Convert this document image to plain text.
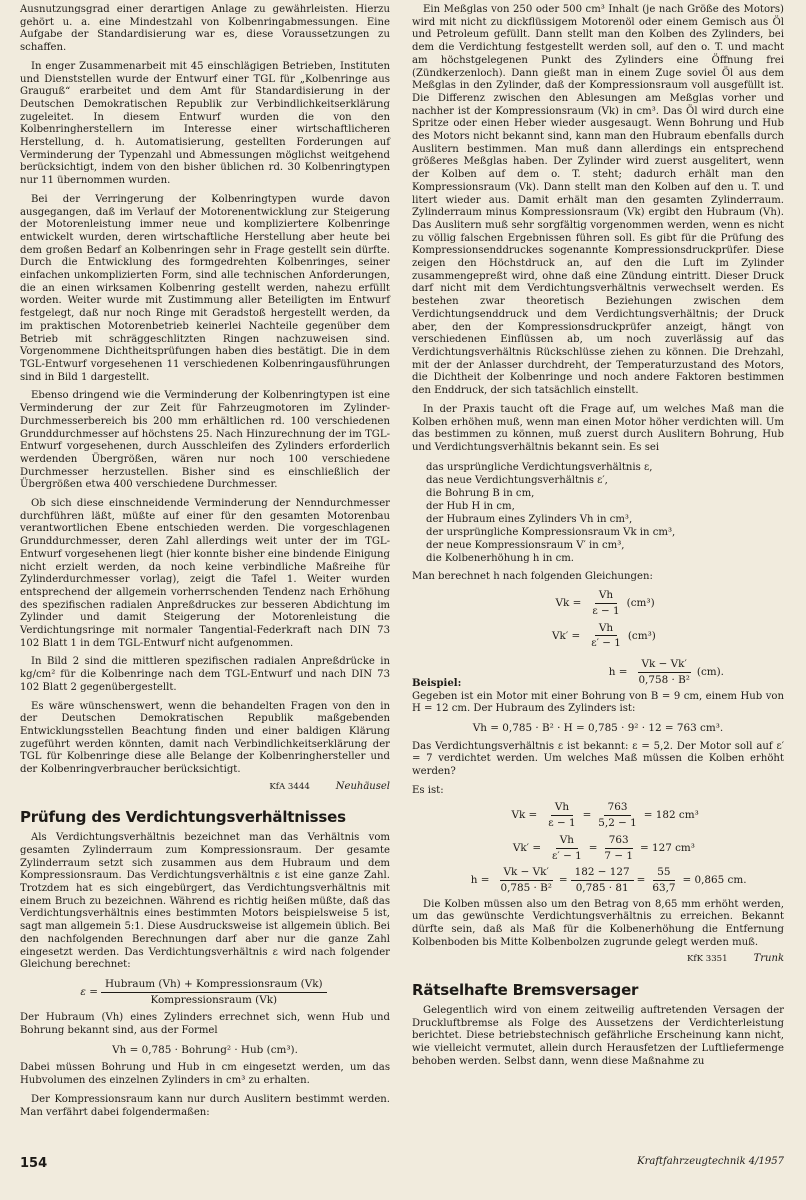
Ausnutzungsgrad einer derartigen Anlage zu gewährleisten. Hierzu gehört u. a. eine Mindestzahl von Kolbenringabmessungen. Eine Aufgabe der Standardisierung war es, diese Voraussetzungen zu schaffen.

In enger Zusammenarbeit mit 45 einschlägigen Betrieben, Instituten und Dienststellen wurde der Entwurf einer TGL für „Kolbenringe aus Grauguß“ erarbeitet und dem Amt für Standardisierung in der Deutschen Demokratischen Republik zur Verbindlichkeitserklärung zugeleitet. In diesem Entwurf wurden die von den Kolbenringherstellern im Interesse einer wirtschaftlicheren Herstellung, d. h. Automatisierung, gestellten Forderungen auf Verminderung der Typenzahl und Abmessungen möglichst weitgehend berücksichtigt, indem von den bisher üblichen rd. 30 Kolbenringtypen nur 11 übernommen wurden.

Bei der Verringerung der Kolbenringtypen wurde davon ausgegangen, daß im Verlauf der Motorenentwicklung zur Steigerung der Motorenleistung immer neue und kompliziertere Kolbenringe entwickelt wurden, deren wirtschaftliche Herstellung aber heute bei dem großen Bedarf an Kolbenringen sehr in Frage gestellt sein dürfte. Durch die Entwicklung des formgedrehten Kolbenringes, seiner einfachen unkomplizierten Form, sind alle technischen Anforderungen, die an einen wirksamen Kolbenring gestellt werden, nahezu erfüllt worden. Weiter wurde mit Zustimmung aller Beteiligten im Entwurf festgelegt, daß nur noch Ringe mit Geradstoß hergestellt werden, da im praktischen Motorenbetrieb keinerlei Nachteile gegenüber dem Betrieb mit schräggeschlitzten Ringen nachzuweisen sind. Vorgenommene Dichtheitsprüfungen haben dies bestätigt. Die in dem TGL-Entwurf vorgesehenen 11 verschiedenen Kolbenringausführungen sind in Bild 1 dargestellt.

Ebenso dringend wie die Verminderung der Kolbenringtypen ist eine Verminderung der zur Zeit für Fahrzeugmotoren im Zylinder-Durchmesserbereich bis 200 mm erhältlichen rd. 100 verschiedenen Grunddurchmesser auf höchstens 25. Nach Hinzurechnung der im TGL-Entwurf vorgesehenen, durch Ausschleifen des Zylinders erforderlich werdenden Übergrößen, wären nur noch 100 verschiedene Durchmesser herzustellen. Bisher sind es einschließlich der Übergrößen etwa 400 verschiedene Durchmesser.

Ob sich diese einschneidende Verminderung der Nenndurchmesser durchführen läßt, müßte auf einer für den gesamten Motorenbau verantwortlichen Ebene entschieden werden. Die vorgeschlagenen Grunddurchmesser, deren Zahl allerdings weit unter der im TGL-Entwurf vorgesehenen liegt (hier konnte bisher eine bindende Einigung nicht erzielt werden, da noch keine verbindliche Maßreihe für Zylinderdurchmesser vorlag), zeigt die Tafel 1. Weiter wurden entsprechend der allgemein vorherrschenden Tendenz nach Erhöhung des spezifischen radialen Anpreßdruckes zur besseren Abdichtung im Zylinder und damit Steigerung der Motorenleistung die Verdichtungsringe mit normaler Tangential-Federkraft nach DIN 73 102 Blatt 1 in dem TGL-Entwurf nicht aufgenommen.

In Bild 2 sind die mittleren spezifischen radialen Anpreßdrücke in kg/cm² für die Kolbenringe nach dem TGL-Entwurf und nach DIN 73 102 Blatt 2 gegenübergestellt.

Es wäre wünschenswert, wenn die behandelten Fragen von den in der Deutschen Demokratischen Republik maßgebenden Entwicklungsstellen Beachtung finden und einer baldigen Klärung zugeführt werden könnten, damit nach Verbindlichkeitserklärung der TGL für Kolbenringe diese alle Belange der Kolbenringhersteller und der Kolbenringverbraucher berücksichtigt.

KfA 3444	Neuhäusel
Prüfung des Verdichtungsverhältnisses

Als Verdichtungsverhältnis bezeichnet man das Verhältnis vom gesamten Zylinderraum zum Kompressionsraum. Der gesamte Zylinderraum setzt sich zusammen aus dem Hubraum und dem Kompressionsraum. Das Verdichtungsverhältnis ε ist eine ganze Zahl. Trotzdem hat es sich eingebürgert, das Verdichtungsverhältnis mit einem Bruch zu bezeichnen. Während es richtig heißen müßte, daß das Verdichtungsverhältnis eines bestimmten Motors beispielsweise 5 ist, sagt man allgemein 5:1. Diese Ausdrucksweise ist allgemein üblich. Bei den nachfolgenden Berechnungen darf aber nur die ganze Zahl eingesetzt werden. Das Verdichtungsverhältnis ε wird nach folgender Gleichung berechnet:

$\varepsilon = \frac{\text{Hubraum (Vh) + Kompressionsraum (Vk)}}{\text{Kompressionsraum (Vk)}}$

Der Hubraum (Vh) eines Zylinders errechnet sich, wenn Hub und Bohrung bekannt sind, aus der Formel

Vh = 0,785 · Bohrung² · Hub (cm³).

Dabei müssen Bohrung und Hub in cm eingesetzt werden, um das Hubvolumen des einzelnen Zylinders in cm³ zu erhalten.

Der Kompressionsraum kann nur durch Auslitern bestimmt werden. Man verfährt dabei folgendermaßen:

Ein Meßglas von 250 oder 500 cm³ Inhalt (je nach Größe des Motors) wird mit nicht zu dickflüssigem Motorenöl oder einem Gemisch aus Öl und Petroleum gefüllt. Dann stellt man den Kolben des Zylinders, bei dem die Verdichtung festgestellt werden soll, auf den o. T. und macht am höchstgelegenen Punkt des Zylinders eine Öffnung frei (Zündkerzenloch). Dann gießt man in einem Zuge soviel Öl aus dem Meßglas in den Zylinder, daß der Kompressionsraum voll ausgefüllt ist. Die Differenz zwischen den Ablesungen am Meßglas vorher und nachher ist der Kompressionsraum (Vk) in cm³. Das Öl wird durch eine Spritze oder einen Heber wieder ausgesaugt. Wenn Bohrung und Hub des Motors nicht bekannt sind, kann man den Hubraum ebenfalls durch Auslitern bestimmen. Man muß dann allerdings ein entsprechend größeres Meßglas haben. Der Zylinder wird zuerst ausgelitert, wenn der Kolben auf dem o. T. steht; dadurch erhält man den Kompressionsraum (Vk). Dann stellt man den Kolben auf den u. T. und litert wieder aus. Damit erhält man den gesamten Zylinderraum. Zylinderraum minus Kompressionsraum (Vk) ergibt den Hubraum (Vh). Das Auslitern muß sehr sorgfältig vorgenommen werden, wenn es nicht zu völlig falschen Ergebnissen führen soll. Es gibt für die Prüfung des Kompressionsenddruckes sogenannte Kompressionsdruckprüfer. Diese zeigen den Höchstdruck an, auf den die Luft im Zylinder zusammengepreßt wird, ohne daß eine Zündung eintritt. Dieser Druck darf nicht mit dem Verdichtungsverhältnis verwechselt werden. Es bestehen zwar theoretisch Beziehungen zwischen dem Verdichtungsenddruck und dem Verdichtungsverhältnis; der Druck aber, den der Kompressionsdruckprüfer anzeigt, hängt von verschiedenen Einflüssen ab, um noch zuverlässig auf das Verdichtungsverhältnis Rückschlüsse ziehen zu können. Die Drehzahl, mit der der Anlasser durchdreht, der Temperaturzustand des Motors, die Dichtheit der Kolbenringe und noch andere Faktoren bestimmen den Enddruck, der sich tatsächlich einstellt.

In der Praxis taucht oft die Frage auf, um welches Maß man die Kolben erhöhen muß, wenn man einen Motor höher verdichten will. Um das bestimmen zu können, muß zuerst durch Auslitern Bohrung, Hub und Verdichtungsverhältnis bekannt sein. Es sei

das ursprüngliche Verdichtungsverhältnis ε,
das neue Verdichtungsverhältnis ε′,
die Bohrung B in cm,
der Hub H in cm,
der Hubraum eines Zylinders Vh in cm³,
der ursprüngliche Kompressionsraum Vk in cm³,
der neue Kompressionsraum V′ in cm³,
die Kolbenerhöhung h in cm.

Man berechnet h nach folgenden Gleichungen:

$Vk = \frac{Vh}{\varepsilon - 1} (cm^3)$
$Vk' = \frac{Vh}{\varepsilon' - 1} (cm^3)$
Beispiel:
$h = \frac{Vk - Vk'}{\text{0,758 · B²}} (cm)$.

Gegeben ist ein Motor mit einer Bohrung von B = 9 cm, einem Hub von H = 12 cm. Der Hubraum des Zylinders ist:

Vh = 0,785 · B² · H = 0,785 · 9² · 12 = 763 cm³.

Das Verdichtungsverhältnis ε ist bekannt: ε = 5,2. Der Motor soll auf ε′ = 7 verdichtet werden. Um welches Maß müssen die Kolben erhöht werden?

Es ist:
$Vk = \frac{Vh}{\varepsilon - 1} = \frac{763}{5,2 - 1} = 182$ cm³
$Vk' = \frac{Vh}{\varepsilon' - 1} = \frac{763}{7 - 1} = 127$ cm³
$h = \frac{Vk - Vk'}{\text{0,785 · B²}} = \frac{182 - 127}{0,785 \cdot 81} = \frac{55}{63,7} = 0,865$ cm.

Die Kolben müssen also um den Betrag von 8,65 mm erhöht werden, um das gewünschte Verdichtungsverhältnis zu erreichen. Bekannt dürfte sein, daß als Maß für die Kolbenerhöhung die Entfernung Kolbenboden bis Mitte Kolbenbolzen zugrunde gelegt werden muß.

KfK 3351	Trunk
Rätselhafte Bremsversager

Gelegentlich wird von einem zeitweilig auftretenden Versagen der Druckluftbremse als Folge des Aussetzens der Verdichterleistung berichtet. Diese betriebstechnisch gefährliche Erscheinung kann nicht, wie vielleicht vermutet, allein durch Herausfetzen der Luftliefermenge behoben werden. Selbst dann, wenn diese Maßnahme zu

154	Kraftfahrzeugtechnik 4/1957
